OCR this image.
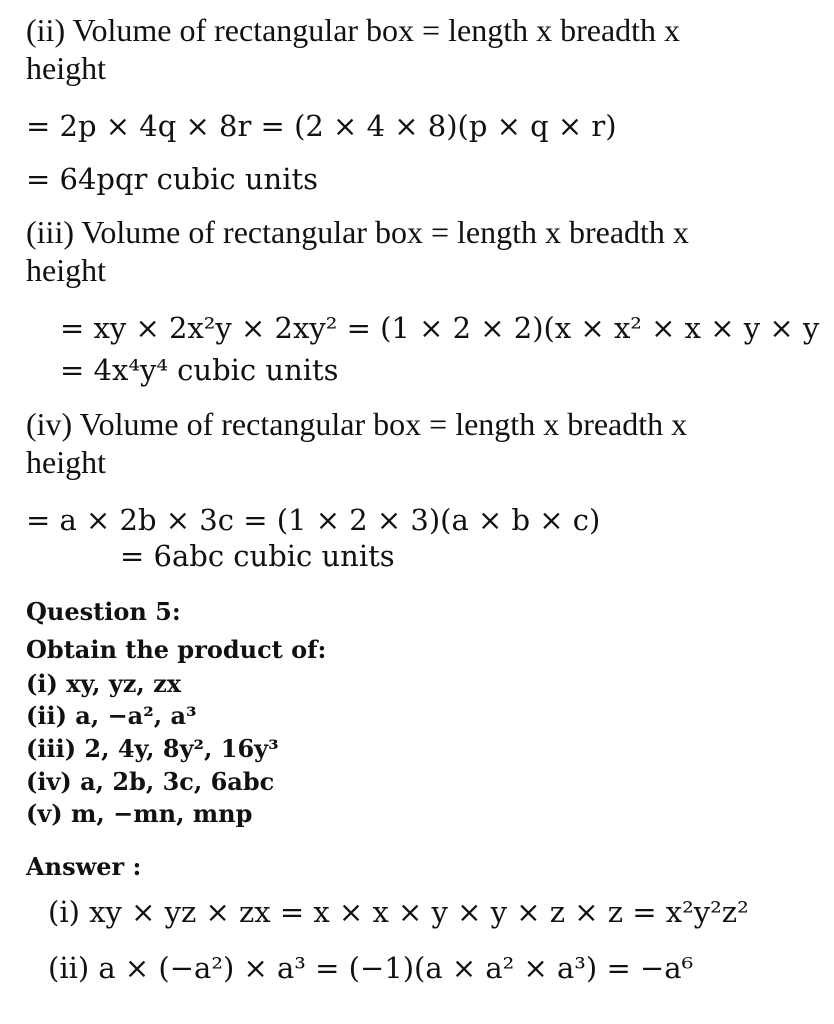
(ii) Volume of rectangular box = length x breadth x
height
= 2p × 4q × 8r = (2 × 4 × 8)(p × q × r)
= 64pqr cubic units
(iii) Volume of rectangular box = length x breadth x
height
= xy × 2x²y × 2xy² = (1 × 2 × 2)(x × x² × x × y × y
= 4x⁴y⁴ cubic units
(iv) Volume of rectangular box = length x breadth x
height
= a × 2b × 3c = (1 × 2 × 3)(a × b × c)
= 6abc cubic units
Question 5:
Obtain the product of:
(i) xy, yz, zx
(ii) a, −a², a³
(iii) 2, 4y, 8y², 16y³
(iv) a, 2b, 3c, 6abc
(v) m, −mn, mnp
Answer :
(i) xy × yz × zx = x × x × y × y × z × z = x²y²z²
(ii) a × (−a²) × a³ = (−1)(a × a² × a³) = −a⁶
